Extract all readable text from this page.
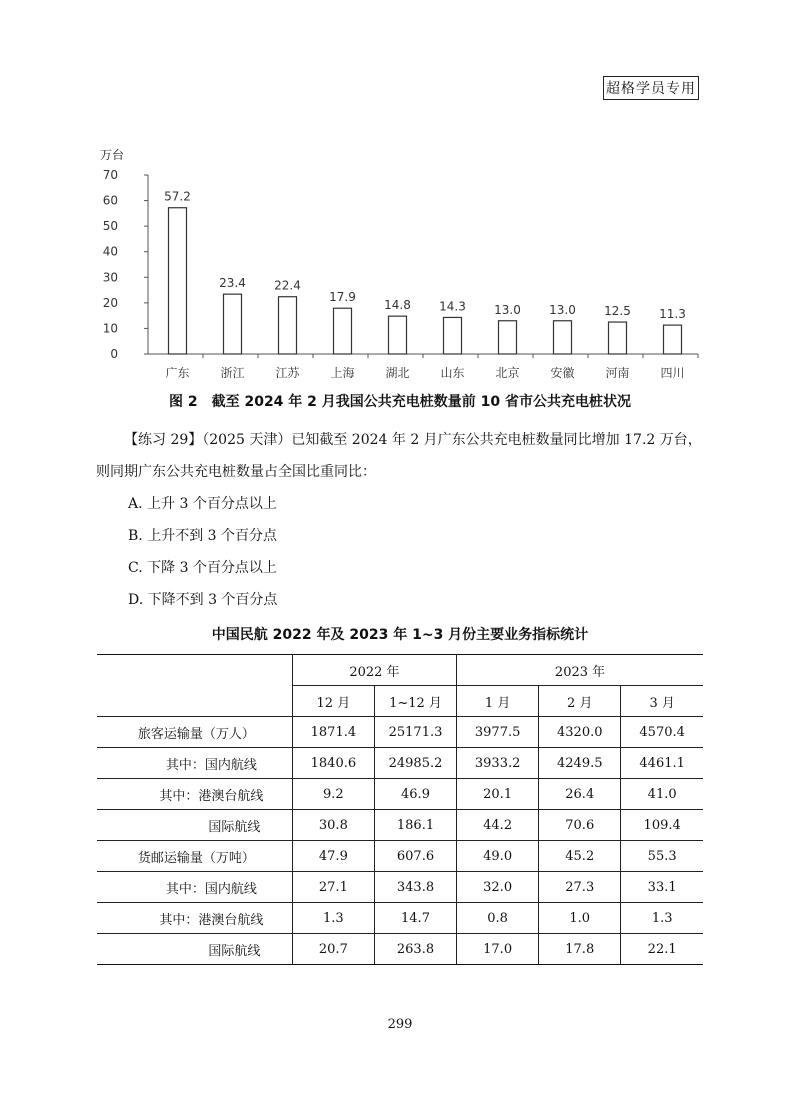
超格学员专用
万台
0
10
20
30
40
50
60
70
广东	浙江	江苏	上海	湖北	山东	北京	安徽	河南	四川
57.2
23.4 22.4
17.9
14.8 14.3 13.0 13.0 12.5 11.3
图 2　截至 2024 年 2 月我国公共充电桩数量前 10 省市公共充电桩状况
【练习 29】（2025 天津）已知截至 2024 年 2 月广东公共充电桩数量同比增加 17.2 万台，
则同期广东公共充电桩数量占全国比重同比：
A. 上升 3 个百分点以上
B. 上升不到 3 个百分点
C. 下降 3 个百分点以上
D. 下降不到 3 个百分点
中国民航 2022 年及 2023 年 1~3 月份主要业务指标统计
	2022 年		2023 年		
	12 月	1~12 月	1 月	2 月	3 月
旅客运输量（万人）	1871.4	25171.3	3977.5	4320.0	4570.4
其中：国内航线	1840.6	24985.2	3933.2	4249.5	4461.1
其中：港澳台航线	9.2	46.9	20.1	26.4	41.0
国际航线	30.8	186.1	44.2	70.6	109.4
货邮运输量（万吨）	47.9	607.6	49.0	45.2	55.3
其中：国内航线	27.1	343.8	32.0	27.3	33.1
其中：港澳台航线	1.3	14.7	0.8	1.0	1.3
国际航线	20.7	263.8	17.0	17.8	22.1
299
